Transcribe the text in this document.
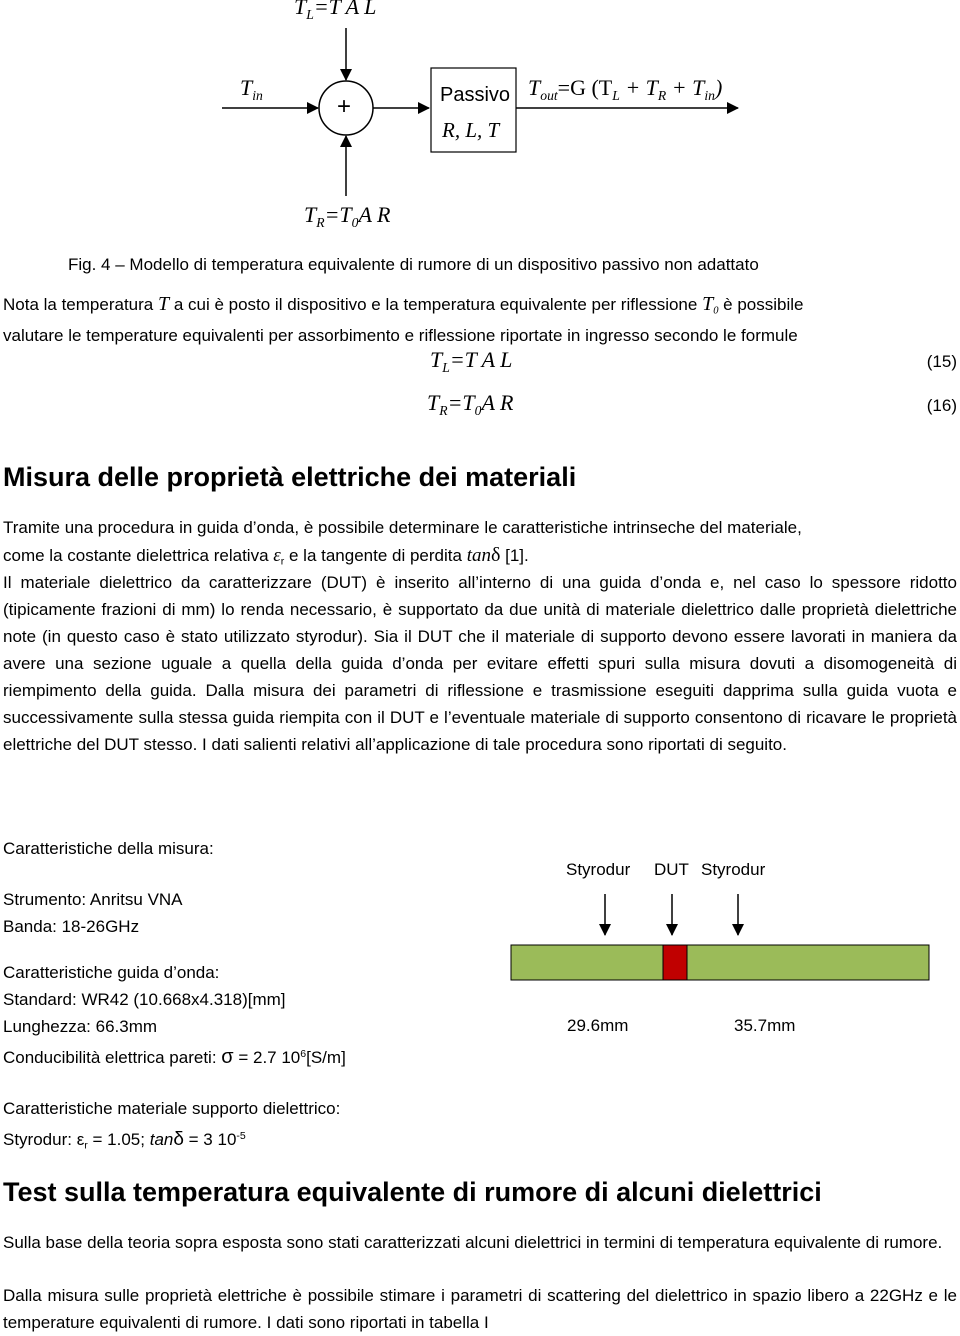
$T_L=T$ A L
$T_{in}$	+	Passivo
R, L, T
$T_{out}=G$ $(T_L + T_R + T_{in})$
$T_R=T_0A$ R
Fig. 4 – Modello di temperatura equivalente di rumore di un dispositivo passivo non adattato
Nota la temperatura T a cui è posto il dispositivo e la temperatura equivalente per riflessione $T_0$ è possibile
valutare le temperature equivalenti per assorbimento e riflessione riportate in ingresso secondo le formule
$T_L=T$ A L	(15)
$T_R=T_0A$ R	(16)
Misura delle proprietà elettriche dei materiali
Tramite una procedura in guida d’onda, è possibile determinare le caratteristiche intrinseche del materiale,
come la costante dielettrica relativa $\varepsilon_r$ e la tangente di perdita tanδ [1].
Il materiale dielettrico da caratterizzare (DUT) è inserito all’interno di una guida d’onda e, nel caso lo spessore ridotto (tipicamente frazioni di mm) lo renda necessario, è supportato da due unità di materiale dielettrico dalle proprietà dielettriche note (in questo caso è stato utilizzato styrodur). Sia il DUT che il materiale di supporto devono essere lavorati in maniera da avere una sezione uguale a quella della guida d’onda per evitare effetti spuri sulla misura dovuti a disomogeneità di riempimento della guida. Dalla misura dei parametri di riflessione e trasmissione eseguiti dapprima sulla guida vuota e successivamente sulla stessa guida riempita con il DUT e l’eventuale materiale di supporto consentono di ricavare le proprietà elettriche del DUT stesso. I dati salienti relativi all’applicazione di tale procedura sono riportati di seguito.
Caratteristiche della misura:
Strumento: Anritsu VNA
Banda: 18-26GHz
Caratteristiche guida d’onda:
Standard: WR42 (10.668x4.318)[mm]
Lunghezza: 66.3mm
Conducibilità elettrica pareti: σ = 2.7 $10^6[S/m]$
Caratteristiche materiale supporto dielettrico:
Styrodur: $\varepsilon_r = 1.05$; tanδ = 3 $10^{-5}$
Styrodur DUT Styrodur
29.6mm	35.7mm
Test sulla temperatura equivalente di rumore di alcuni dielettrici
Sulla base della teoria sopra esposta sono stati caratterizzati alcuni dielettrici in termini di temperatura equivalente di rumore.
Dalla misura sulle proprietà elettriche è possibile stimare i parametri di scattering del dielettrico in spazio libero a 22GHz e le temperature equivalenti di rumore. I dati sono riportati in tabella I
